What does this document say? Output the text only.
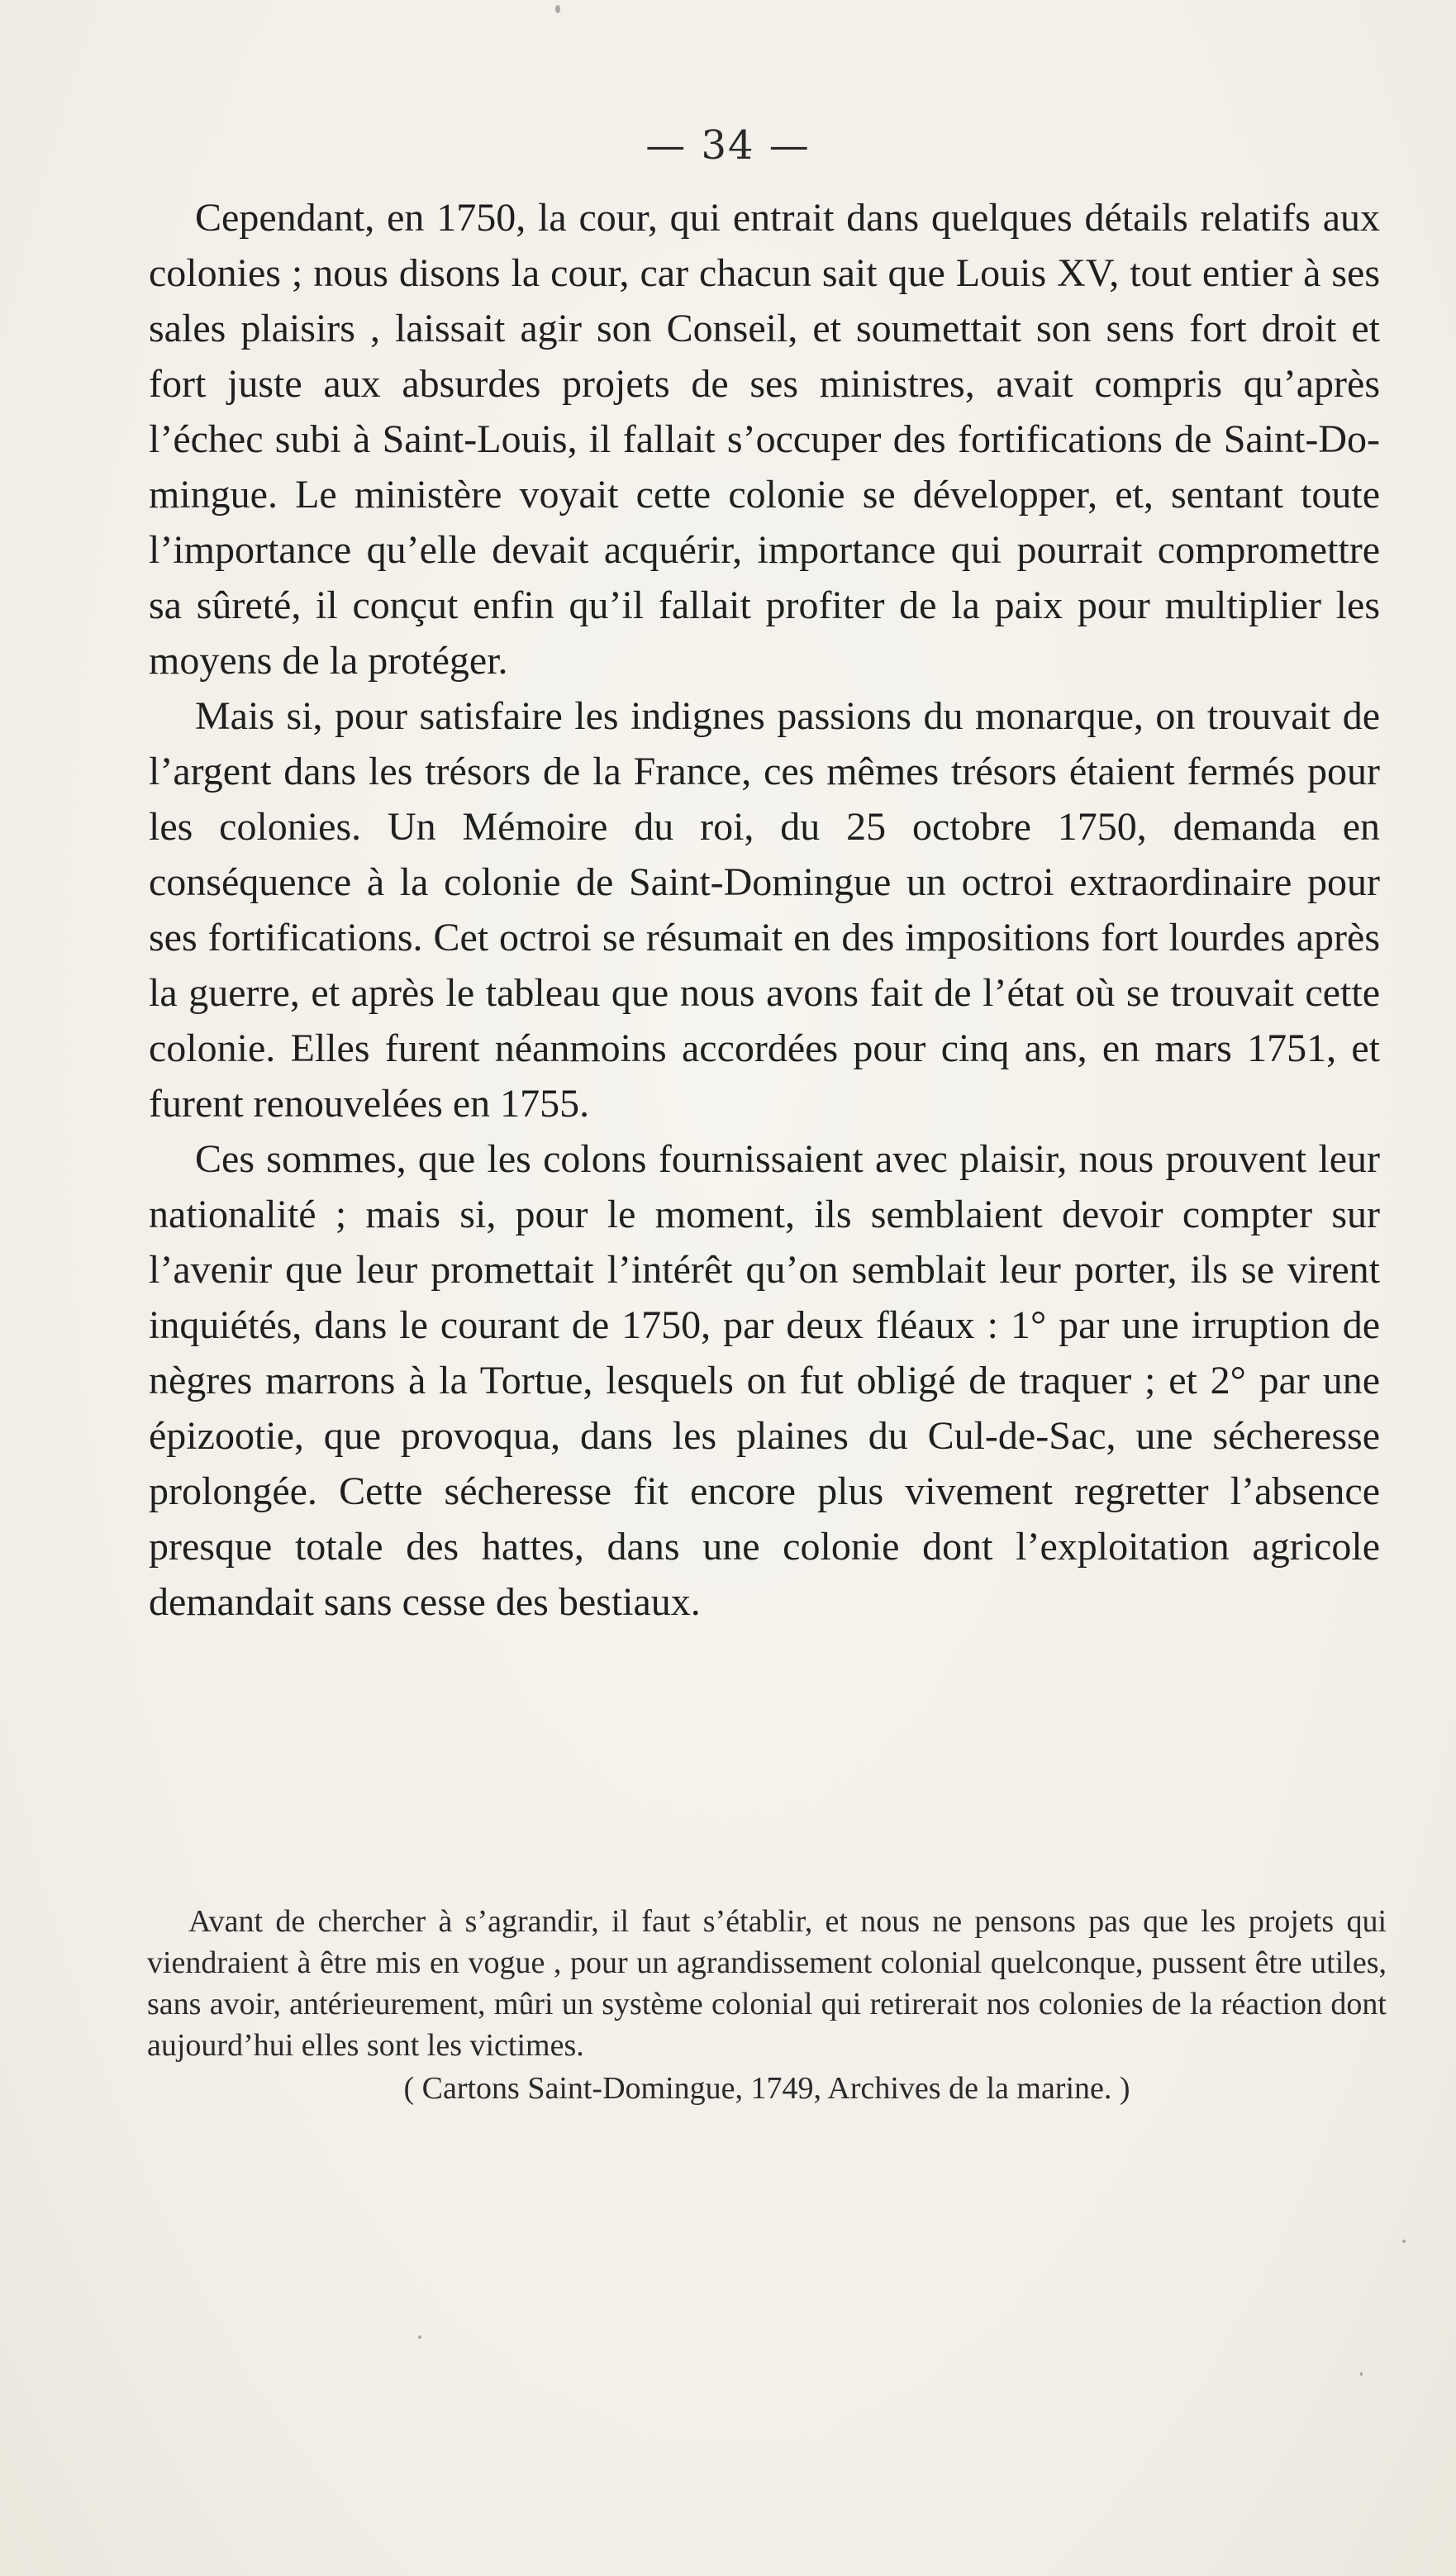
— 34 —

Cependant, en 1750, la cour, qui entrait dans quelques détails relatifs aux colonies ; nous disons la cour, car chacun sait que Louis XV, tout entier à ses sales plaisirs , laissait agir son Conseil, et soumettait son sens fort droit et fort juste aux absurdes projets de ses ministres, avait compris qu’après l’échec subi à Saint-Louis, il fallait s’occuper des fortifications de Saint-Domingue. Le ministère voyait cette colonie se développer, et, sentant toute l’importance qu’elle devait acquérir, importance qui pourrait compromettre sa sûreté, il conçut enfin qu’il fallait profiter de la paix pour multiplier les moyens de la protéger.

Mais si, pour satisfaire les indignes passions du monarque, on trouvait de l’argent dans les trésors de la France, ces mêmes trésors étaient fermés pour les colonies. Un Mémoire du roi, du 25 octobre 1750, demanda en conséquence à la colonie de Saint-Domingue un octroi extraordinaire pour ses fortifications. Cet octroi se résumait en des impositions fort lourdes après la guerre, et après le tableau que nous avons fait de l’état où se trouvait cette colonie. Elles furent néanmoins accordées pour cinq ans, en mars 1751, et furent renouvelées en 1755.

Ces sommes, que les colons fournissaient avec plaisir, nous prouvent leur nationalité ; mais si, pour le moment, ils semblaient devoir compter sur l’avenir que leur promettait l’intérêt qu’on semblait leur porter, ils se virent inquiétés, dans le courant de 1750, par deux fléaux : 1° par une irruption de nègres marrons à la Tortue, lesquels on fut obligé de traquer ; et 2° par une épizootie, que provoqua, dans les plaines du Cul-de-Sac, une sécheresse prolongée. Cette sécheresse fit encore plus vivement regretter l’absence presque totale des hattes, dans une colonie dont l’exploitation agricole demandait sans cesse des bestiaux.

Avant de chercher à s’agrandir, il faut s’établir, et nous ne pensons pas que les projets qui viendraient à être mis en vogue , pour un agrandissement colonial quelconque, pussent être utiles, sans avoir, antérieurement, mûri un système colonial qui retirerait nos colonies de la réaction dont aujourd’hui elles sont les victimes.

( Cartons Saint-Domingue, 1749, Archives de la marine. )
